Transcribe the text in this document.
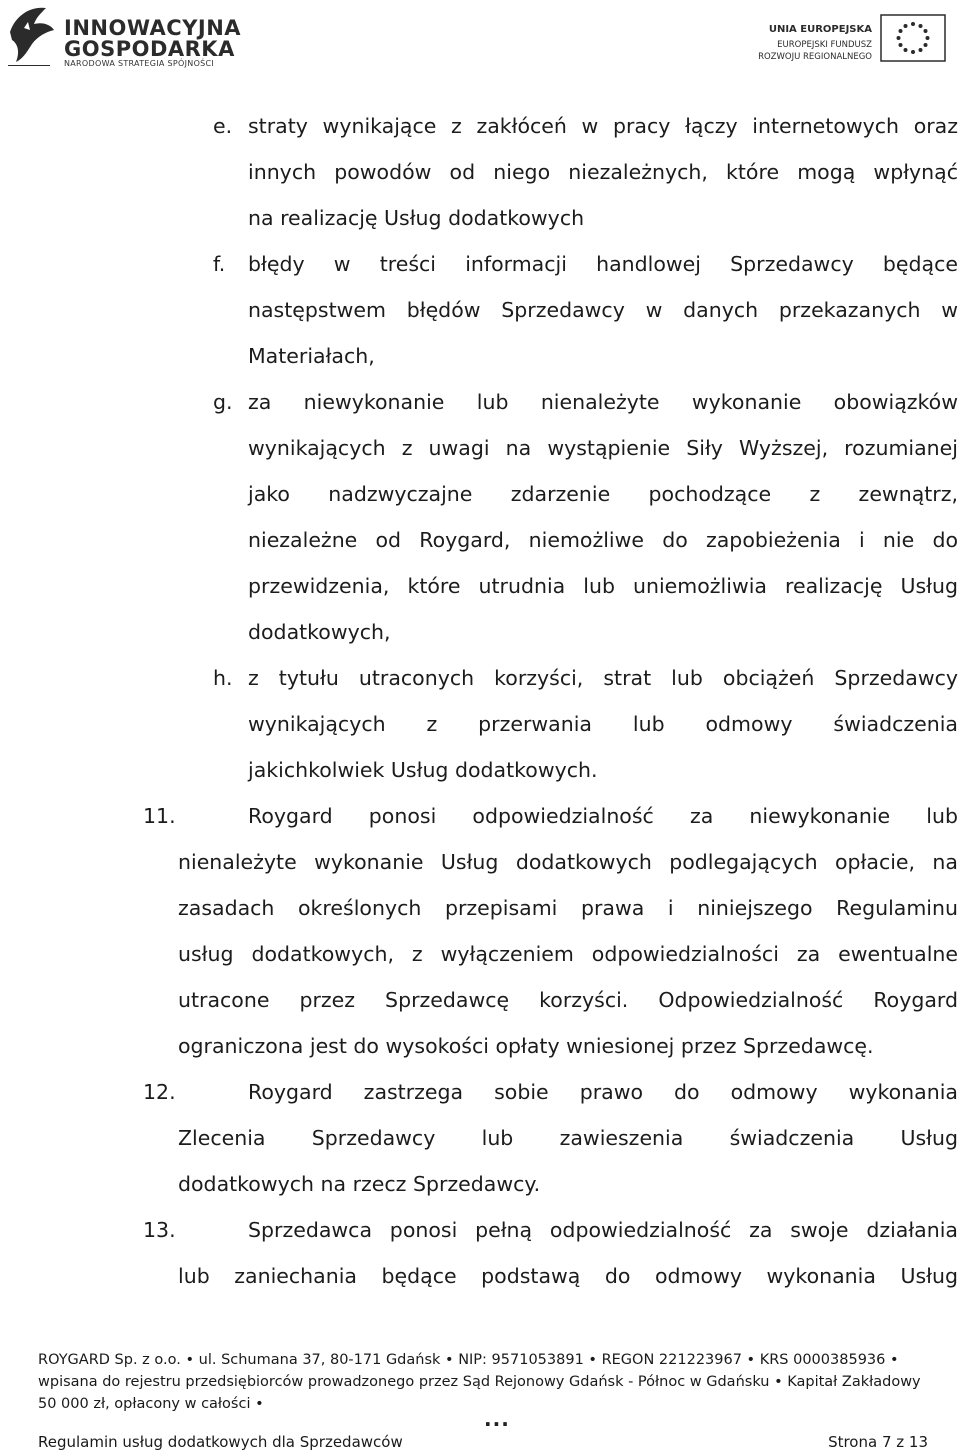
INNOWACYJNA
GOSPODARKA
NARODOWA STRATEGIA SPÓJNOŚCI
UNIA EUROPEJSKA
EUROPEJSKI FUNDUSZ
ROZWOJU REGIONALNEGO
e. straty wynikające z zakłóceń w pracy łączy internetowych oraz
innych powodów od niego niezależnych, które mogą wpłynąć
na realizację Usług dodatkowych
f. błędy w treści informacji handlowej Sprzedawcy będące
następstwem błędów Sprzedawcy w danych przekazanych w
Materiałach,
g. za niewykonanie lub nienależyte wykonanie obowiązków
wynikających z uwagi na wystąpienie Siły Wyższej, rozumianej
jako nadzwyczajne zdarzenie pochodzące z zewnątrz,
niezależne od Roygard, niemożliwe do zapobieżenia i nie do
przewidzenia, które utrudnia lub uniemożliwia realizację Usług
dodatkowych,
h. z tytułu utraconych korzyści, strat lub obciążeń Sprzedawcy
wynikających z przerwania lub odmowy świadczenia
jakichkolwiek Usług dodatkowych.
11.	Roygard ponosi odpowiedzialność za niewykonanie lub
nienależyte wykonanie Usług dodatkowych podlegających opłacie, na
zasadach określonych przepisami prawa i niniejszego Regulaminu
usług dodatkowych, z wyłączeniem odpowiedzialności za ewentualne
utracone przez Sprzedawcę korzyści. Odpowiedzialność Roygard
ograniczona jest do wysokości opłaty wniesionej przez Sprzedawcę.
12.	Roygard zastrzega sobie prawo do odmowy wykonania
Zlecenia Sprzedawcy lub zawieszenia świadczenia Usług
dodatkowych na rzecz Sprzedawcy.
13.	Sprzedawca ponosi pełną odpowiedzialność za swoje działania
lub zaniechania będące podstawą do odmowy wykonania Usług
ROYGARD Sp. z o.o. • ul. Schumana 37, 80-171 Gdańsk • NIP: 9571053891 • REGON 221223967 • KRS 0000385936 •
wpisana do rejestru przedsiębiorców prowadzonego przez Sąd Rejonowy Gdańsk - Północ w Gdańsku • Kapitał Zakładowy
50 000 zł, opłacony w całości •
...
Regulamin usług dodatkowych dla Sprzedawców	Strona 7 z 13
